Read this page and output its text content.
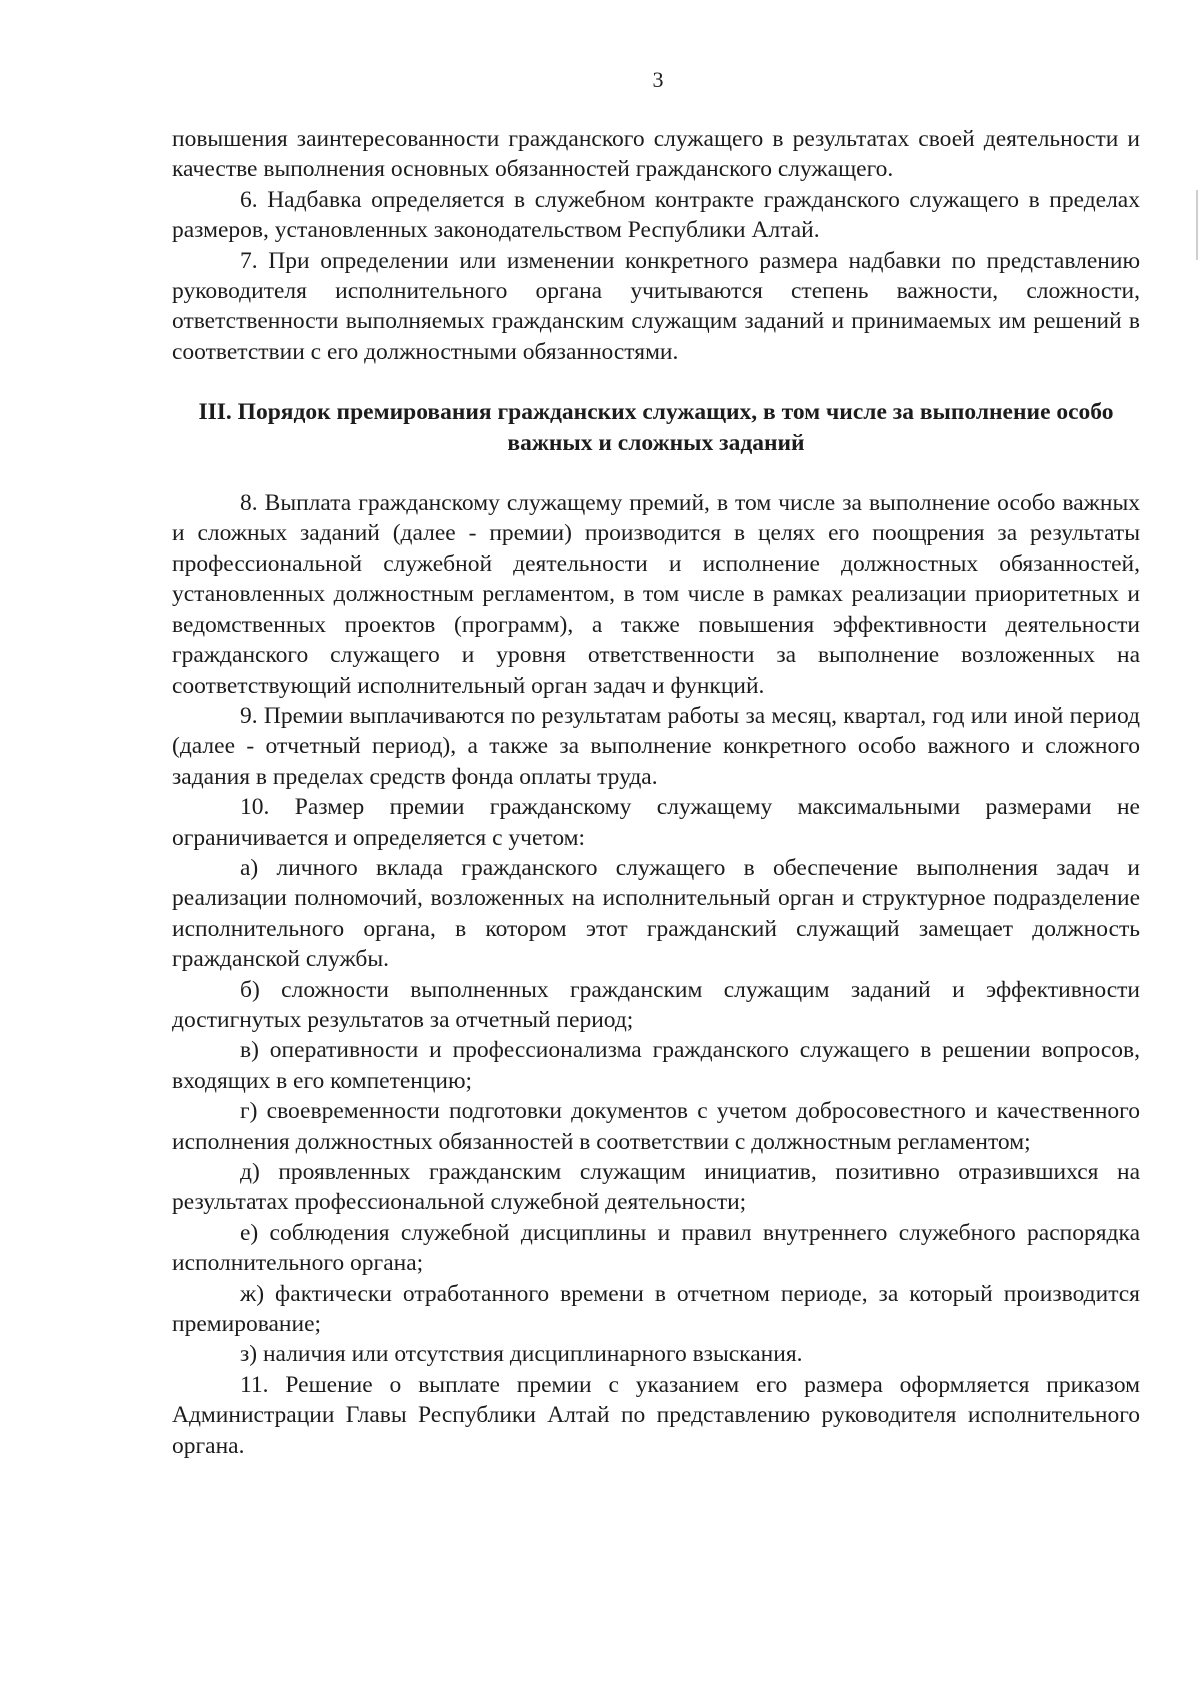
3

повышения заинтересованности гражданского служащего в результатах своей деятельности и качестве выполнения основных обязанностей гражданского служащего.

6. Надбавка определяется в служебном контракте гражданского служащего в пределах размеров, установленных законодательством Республики Алтай.

7. При определении или изменении конкретного размера надбавки по представлению руководителя исполнительного органа учитываются степень важности, сложности, ответственности выполняемых гражданским служащим заданий и принимаемых им решений в соответствии с его должностными обязанностями.

III. Порядок премирования гражданских служащих, в том числе за выполнение особо важных и сложных заданий

8. Выплата гражданскому служащему премий, в том числе за выполнение особо важных и сложных заданий (далее - премии) производится в целях его поощрения за результаты профессиональной служебной деятельности и исполнение должностных обязанностей, установленных должностным регламентом, в том числе в рамках реализации приоритетных и ведомственных проектов (программ), а также повышения эффективности деятельности гражданского служащего и уровня ответственности за выполнение возложенных на соответствующий исполнительный орган задач и функций.

9. Премии выплачиваются по результатам работы за месяц, квартал, год или иной период (далее - отчетный период), а также за выполнение конкретного особо важного и сложного задания в пределах средств фонда оплаты труда.

10. Размер премии гражданскому служащему максимальными размерами не ограничивается и определяется с учетом:

а) личного вклада гражданского служащего в обеспечение выполнения задач и реализации полномочий, возложенных на исполнительный орган и структурное подразделение исполнительного органа, в котором этот гражданский служащий замещает должность гражданской службы.

б) сложности выполненных гражданским служащим заданий и эффективности достигнутых результатов за отчетный период;

в) оперативности и профессионализма гражданского служащего в решении вопросов, входящих в его компетенцию;

г) своевременности подготовки документов с учетом добросовестного и качественного исполнения должностных обязанностей в соответствии с должностным регламентом;

д) проявленных гражданским служащим инициатив, позитивно отразившихся на результатах профессиональной служебной деятельности;

е) соблюдения служебной дисциплины и правил внутреннего служебного распорядка исполнительного органа;

ж) фактически отработанного времени в отчетном периоде, за который производится премирование;

з) наличия или отсутствия дисциплинарного взыскания.

11. Решение о выплате премии с указанием его размера оформляется приказом Администрации Главы Республики Алтай по представлению руководителя исполнительного органа.
